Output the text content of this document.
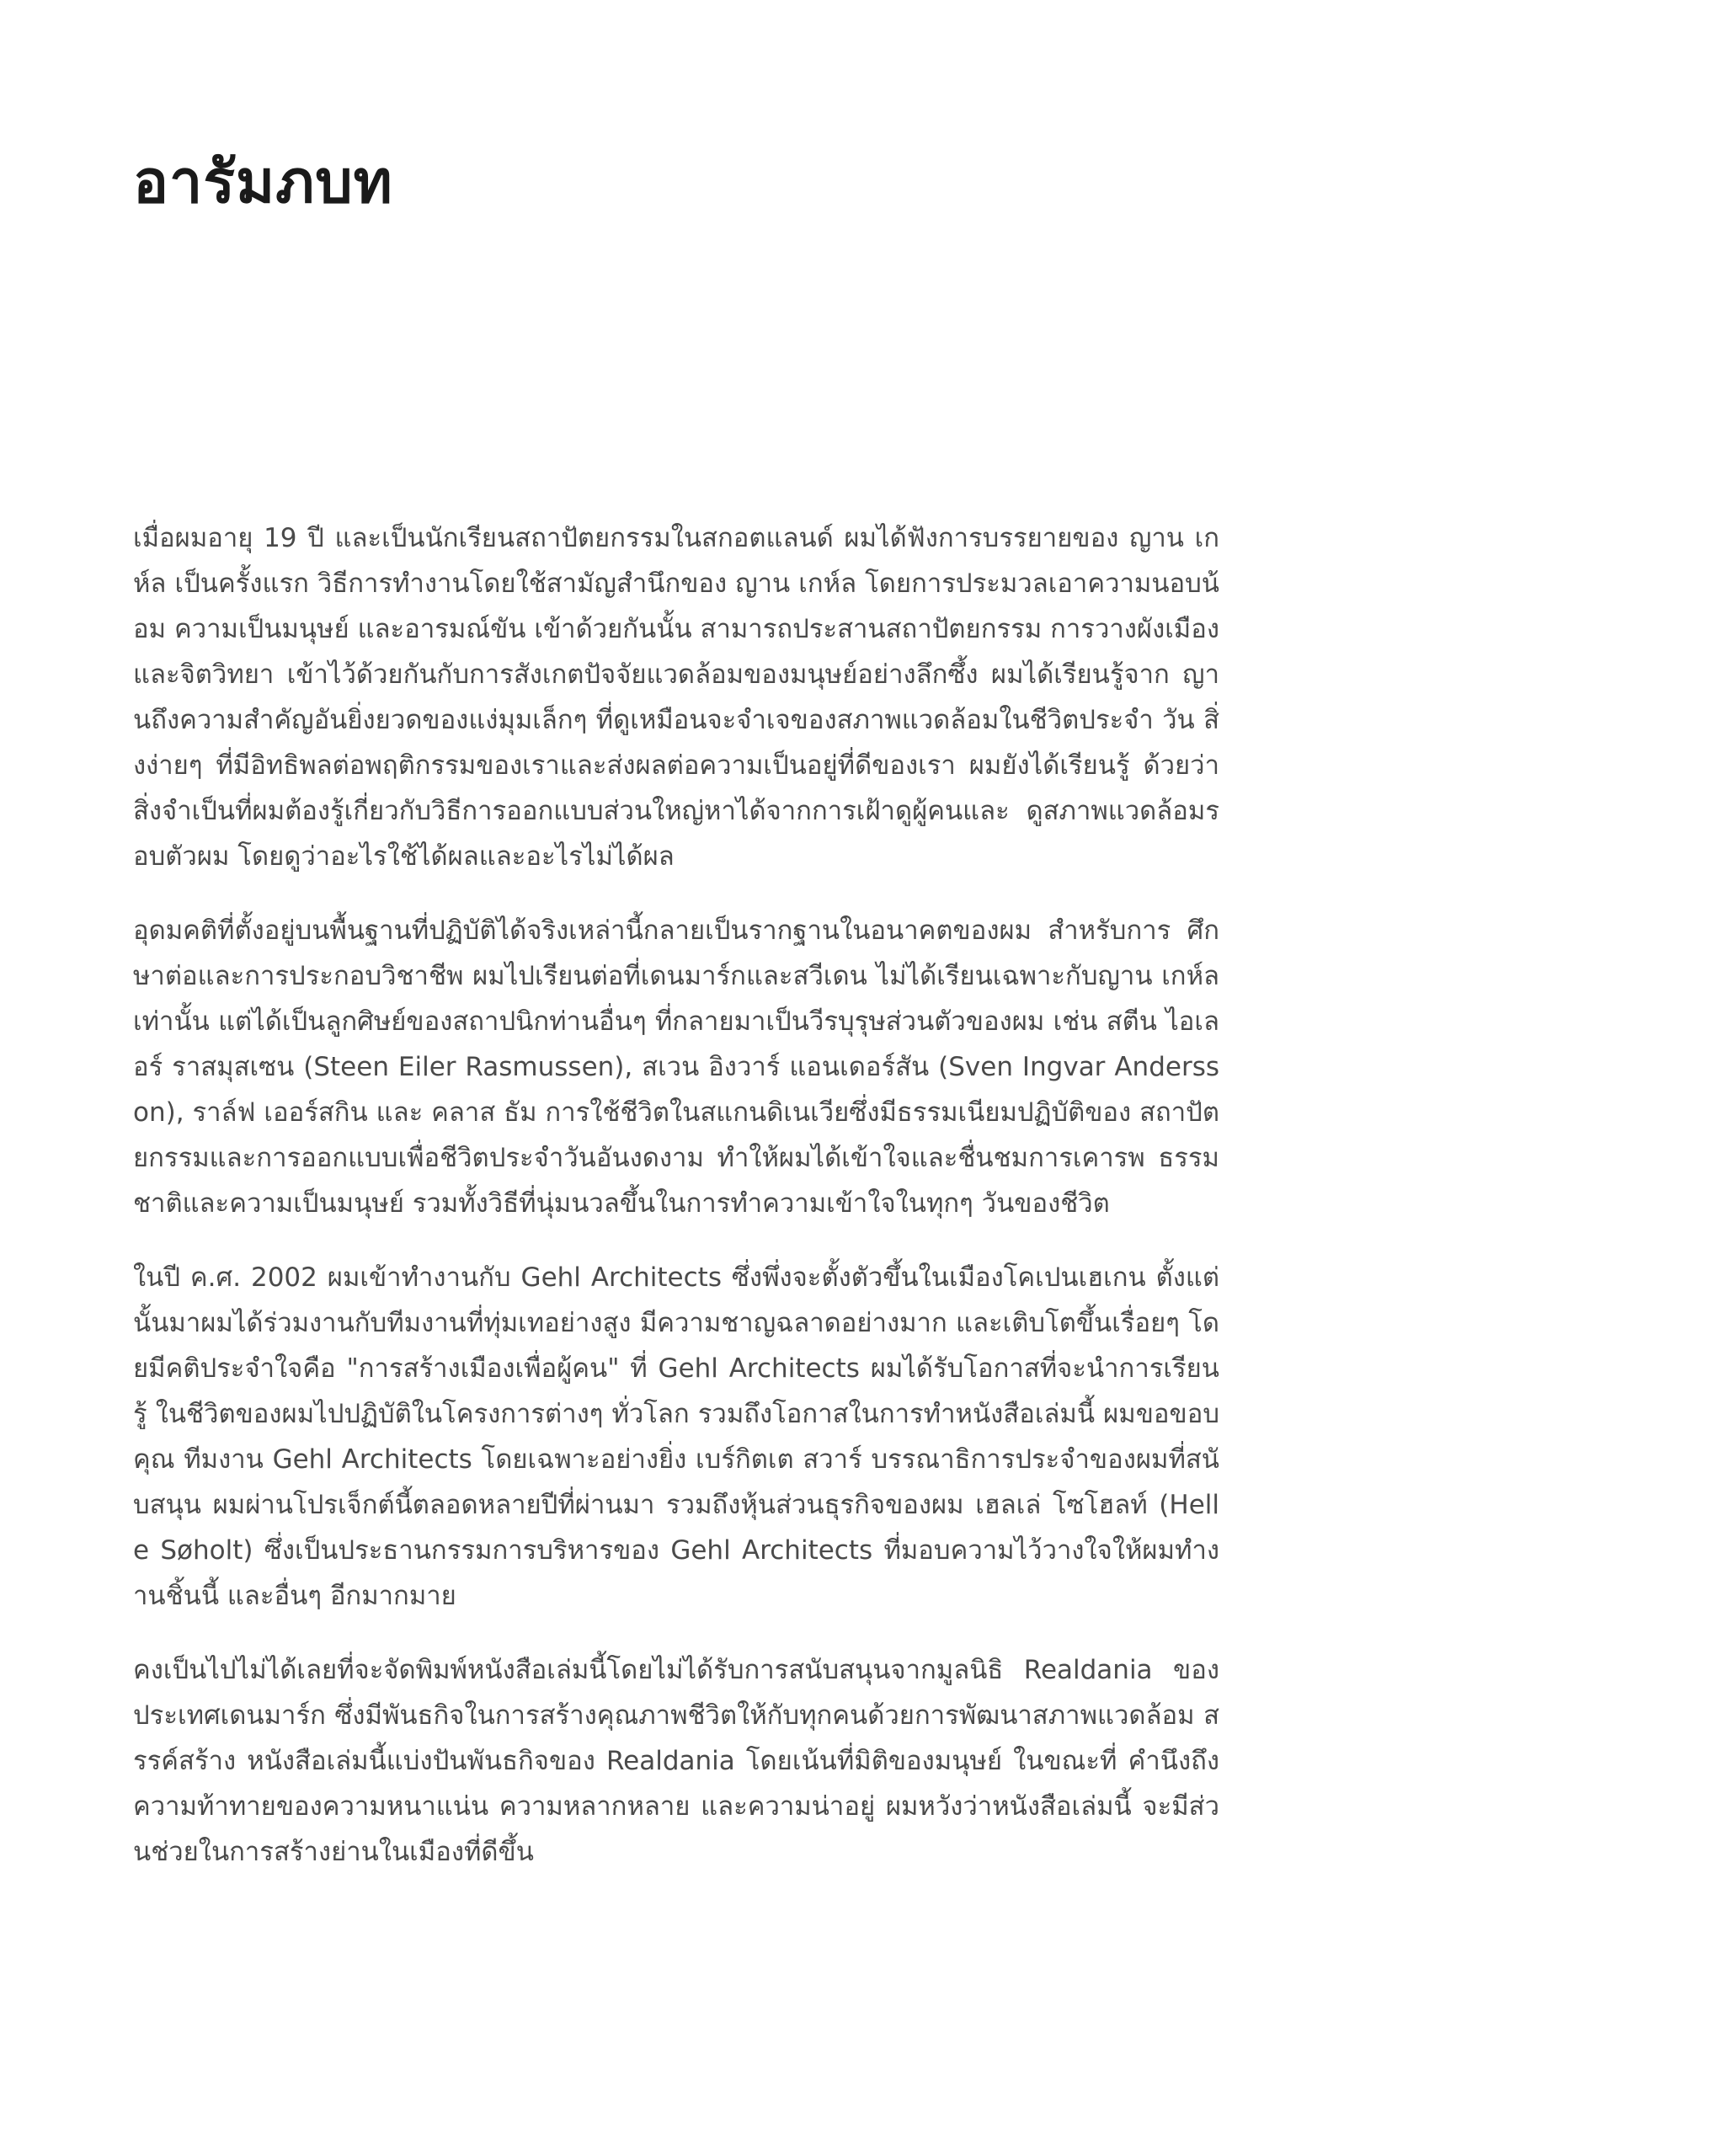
อารัมภบท

เมื่อผมอายุ 19 ปี และเป็นนักเรียนสถาปัตยกรรมในสกอตแลนด์ ผมได้ฟังการบรรยายของ ญาน เกห์ล เป็นครั้งแรก วิธีการทำงานโดยใช้สามัญสำนึกของ ญาน เกห์ล โดยการประมวลเอาความนอบน้อม ความเป็นมนุษย์ และอารมณ์ขัน เข้าด้วยกันนั้น สามารถประสานสถาปัตยกรรม การวางผังเมือง และจิตวิทยา เข้าไว้ด้วยกันกับการสังเกตปัจจัยแวดล้อมของมนุษย์อย่างลึกซึ้ง ผมได้เรียนรู้จาก ญานถึงความสำคัญอันยิ่งยวดของแง่มุมเล็กๆ ที่ดูเหมือนจะจำเจของสภาพแวดล้อมในชีวิตประจำ วัน สิ่งง่ายๆ ที่มีอิทธิพลต่อพฤติกรรมของเราและส่งผลต่อความเป็นอยู่ที่ดีของเรา ผมยังได้เรียนรู้ ด้วยว่าสิ่งจำเป็นที่ผมต้องรู้เกี่ยวกับวิธีการออกแบบส่วนใหญ่หาได้จากการเฝ้าดูผู้คนและ ดูสภาพแวดล้อมรอบตัวผม โดยดูว่าอะไรใช้ได้ผลและอะไรไม่ได้ผล

อุดมคติที่ตั้งอยู่บนพื้นฐานที่ปฏิบัติได้จริงเหล่านี้กลายเป็นรากฐานในอนาคตของผม สำหรับการ ศึกษาต่อและการประกอบวิชาชีพ ผมไปเรียนต่อที่เดนมาร์กและสวีเดน ไม่ได้เรียนเฉพาะกับญาน เกห์ลเท่านั้น แต่ได้เป็นลูกศิษย์ของสถาปนิกท่านอื่นๆ ที่กลายมาเป็นวีรบุรุษส่วนตัวของผม เช่น สตีน ไอเลอร์ ราสมุสเซน (Steen Eiler Rasmussen), สเวน อิงวาร์ แอนเดอร์สัน (Sven Ingvar Andersson), ราล์ฟ เออร์สกิน และ คลาส ธัม การใช้ชีวิตในสแกนดิเนเวียซึ่งมีธรรมเนียมปฏิบัติของ สถาปัตยกรรมและการออกแบบเพื่อชีวิตประจำวันอันงดงาม ทำให้ผมได้เข้าใจและชื่นชมการเคารพ ธรรมชาติและความเป็นมนุษย์ รวมทั้งวิธีที่นุ่มนวลขึ้นในการทำความเข้าใจในทุกๆ วันของชีวิต

ในปี ค.ศ. 2002 ผมเข้าทำงานกับ Gehl Architects ซึ่งพึ่งจะตั้งตัวขึ้นในเมืองโคเปนเฮเกน ตั้งแต่ นั้นมาผมได้ร่วมงานกับทีมงานที่ทุ่มเทอย่างสูง มีความชาญฉลาดอย่างมาก และเติบโตขึ้นเรื่อยๆ โดยมีคติประจำใจคือ "การสร้างเมืองเพื่อผู้คน" ที่ Gehl Architects ผมได้รับโอกาสที่จะนำการเรียนรู้ ในชีวิตของผมไปปฏิบัติในโครงการต่างๆ ทั่วโลก รวมถึงโอกาสในการทำหนังสือเล่มนี้ ผมขอขอบคุณ ทีมงาน Gehl Architects โดยเฉพาะอย่างยิ่ง เบร์กิตเต สวาร์ บรรณาธิการประจำของผมที่สนับสนุน ผมผ่านโปรเจ็กต์นี้ตลอดหลายปีที่ผ่านมา รวมถึงหุ้นส่วนธุรกิจของผม เฮลเล่ โซโฮลท์ (Helle Søholt) ซึ่งเป็นประธานกรรมการบริหารของ Gehl Architects ที่มอบความไว้วางใจให้ผมทำงานชิ้นนี้ และอื่นๆ อีกมากมาย

คงเป็นไปไม่ได้เลยที่จะจัดพิมพ์หนังสือเล่มนี้โดยไม่ได้รับการสนับสนุนจากมูลนิธิ Realdania ของ ประเทศเดนมาร์ก ซึ่งมีพันธกิจในการสร้างคุณภาพชีวิตให้กับทุกคนด้วยการพัฒนาสภาพแวดล้อม สรรค์สร้าง หนังสือเล่มนี้แบ่งปันพันธกิจของ Realdania โดยเน้นที่มิติของมนุษย์ ในขณะที่ คำนึงถึงความท้าทายของความหนาแน่น ความหลากหลาย และความน่าอยู่ ผมหวังว่าหนังสือเล่มนี้ จะมีส่วนช่วยในการสร้างย่านในเมืองที่ดีขึ้น
